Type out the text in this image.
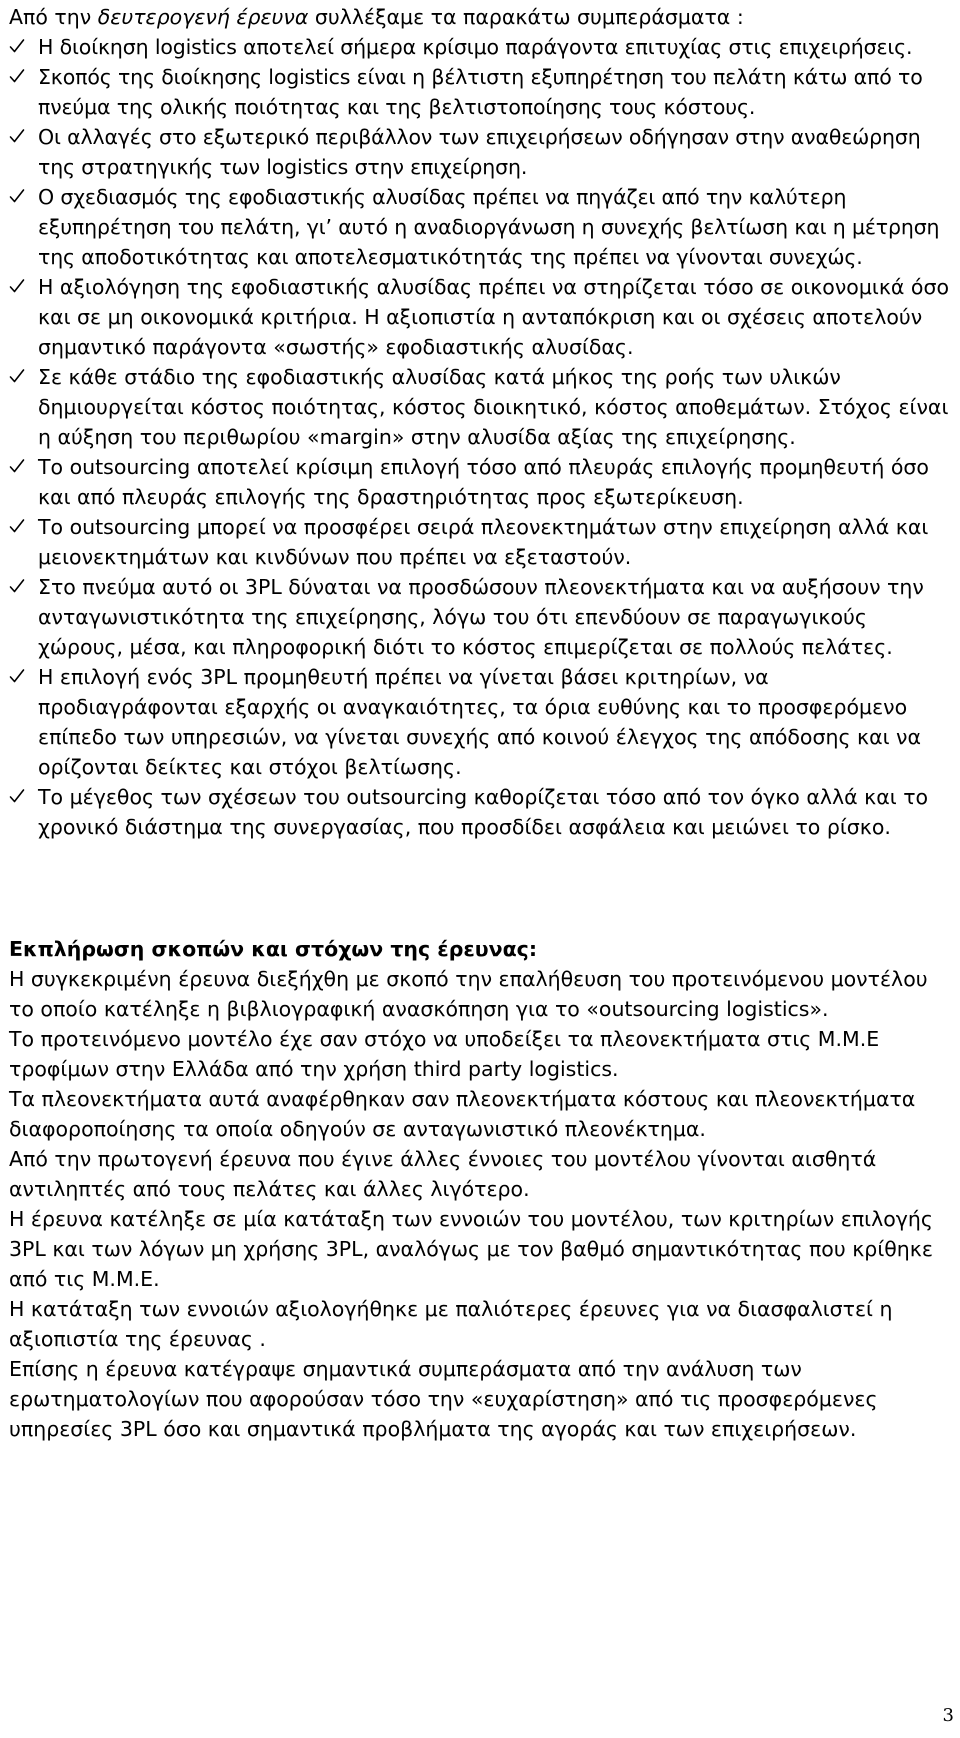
Από την δευτερογενή έρευνα συλλέξαμε τα παρακάτω συμπεράσματα :

Η διοίκηση logistics αποτελεί σήμερα κρίσιμο παράγοντα επιτυχίας στις επιχειρήσεις.
Σκοπός της διοίκησης logistics είναι η βέλτιστη εξυπηρέτηση του πελάτη κάτω από το πνεύμα της ολικής ποιότητας και της βελτιστοποίησης τους κόστους.
Οι αλλαγές στο εξωτερικό περιβάλλον των επιχειρήσεων οδήγησαν στην αναθεώρηση της στρατηγικής των logistics στην επιχείρηση.
Ο σχεδιασμός της εφοδιαστικής αλυσίδας πρέπει να πηγάζει από την καλύτερη εξυπηρέτηση του πελάτη, γι’ αυτό η αναδιοργάνωση η συνεχής βελτίωση και η μέτρηση της αποδοτικότητας και αποτελεσματικότητάς της πρέπει να γίνονται συνεχώς.
Η αξιολόγηση της εφοδιαστικής αλυσίδας πρέπει να στηρίζεται τόσο σε οικονομικά όσο και σε μη οικονομικά κριτήρια. Η αξιοπιστία η ανταπόκριση και οι σχέσεις αποτελούν σημαντικό παράγοντα «σωστής» εφοδιαστικής αλυσίδας.
Σε κάθε στάδιο της εφοδιαστικής αλυσίδας κατά μήκος της ροής των υλικών δημιουργείται κόστος ποιότητας, κόστος διοικητικό, κόστος αποθεμάτων. Στόχος είναι η αύξηση του περιθωρίου «margin» στην αλυσίδα αξίας της επιχείρησης.
Το outsourcing αποτελεί κρίσιμη επιλογή τόσο από πλευράς επιλογής προμηθευτή όσο και από πλευράς επιλογής της δραστηριότητας προς εξωτερίκευση.
Το outsourcing μπορεί να προσφέρει σειρά πλεονεκτημάτων στην επιχείρηση αλλά και μειονεκτημάτων και κινδύνων που πρέπει να εξεταστούν.
Στο πνεύμα αυτό οι 3PL δύναται να προσδώσουν πλεονεκτήματα και να αυξήσουν την ανταγωνιστικότητα της επιχείρησης, λόγω του ότι επενδύουν σε παραγωγικούς χώρους, μέσα, και πληροφορική διότι το κόστος επιμερίζεται σε πολλούς πελάτες.
Η επιλογή ενός 3PL προμηθευτή πρέπει να γίνεται βάσει κριτηρίων, να προδιαγράφονται εξαρχής οι αναγκαιότητες, τα όρια ευθύνης και το προσφερόμενο επίπεδο των υπηρεσιών, να γίνεται συνεχής από κοινού έλεγχος της απόδοσης και να ορίζονται δείκτες και στόχοι βελτίωσης.
Το μέγεθος των σχέσεων του outsourcing καθορίζεται τόσο από τον όγκο αλλά και το χρονικό διάστημα της συνεργασίας, που προσδίδει ασφάλεια και μειώνει το ρίσκο.
Εκπλήρωση σκοπών και στόχων της έρευνας:

Η συγκεκριμένη έρευνα διεξήχθη με σκοπό την επαλήθευση του προτεινόμενου μοντέλου το οποίο κατέληξε η βιβλιογραφική ανασκόπηση για το «outsourcing logistics».

Το προτεινόμενο μοντέλο έχε σαν στόχο να υποδείξει τα πλεονεκτήματα στις Μ.Μ.Ε τροφίμων στην Ελλάδα από την χρήση third party logistics.

Τα πλεονεκτήματα αυτά αναφέρθηκαν σαν πλεονεκτήματα κόστους και πλεονεκτήματα διαφοροποίησης τα οποία οδηγούν σε ανταγωνιστικό πλεονέκτημα.

Από την πρωτογενή έρευνα που έγινε άλλες έννοιες του μοντέλου γίνονται αισθητά αντιληπτές από τους πελάτες και άλλες λιγότερο.

Η έρευνα κατέληξε σε μία κατάταξη των εννοιών του μοντέλου, των κριτηρίων επιλογής 3PL και των λόγων μη χρήσης 3PL, αναλόγως με τον βαθμό σημαντικότητας που κρίθηκε από τις Μ.Μ.Ε.

Η κατάταξη των εννοιών αξιολογήθηκε με παλιότερες έρευνες για να διασφαλιστεί η αξιοπιστία της έρευνας .

Επίσης η έρευνα κατέγραψε σημαντικά συμπεράσματα από την ανάλυση των ερωτηματολογίων που αφορούσαν τόσο την «ευχαρίστηση» από τις προσφερόμενες υπηρεσίες 3PL όσο και σημαντικά προβλήματα της αγοράς και των επιχειρήσεων.

3
